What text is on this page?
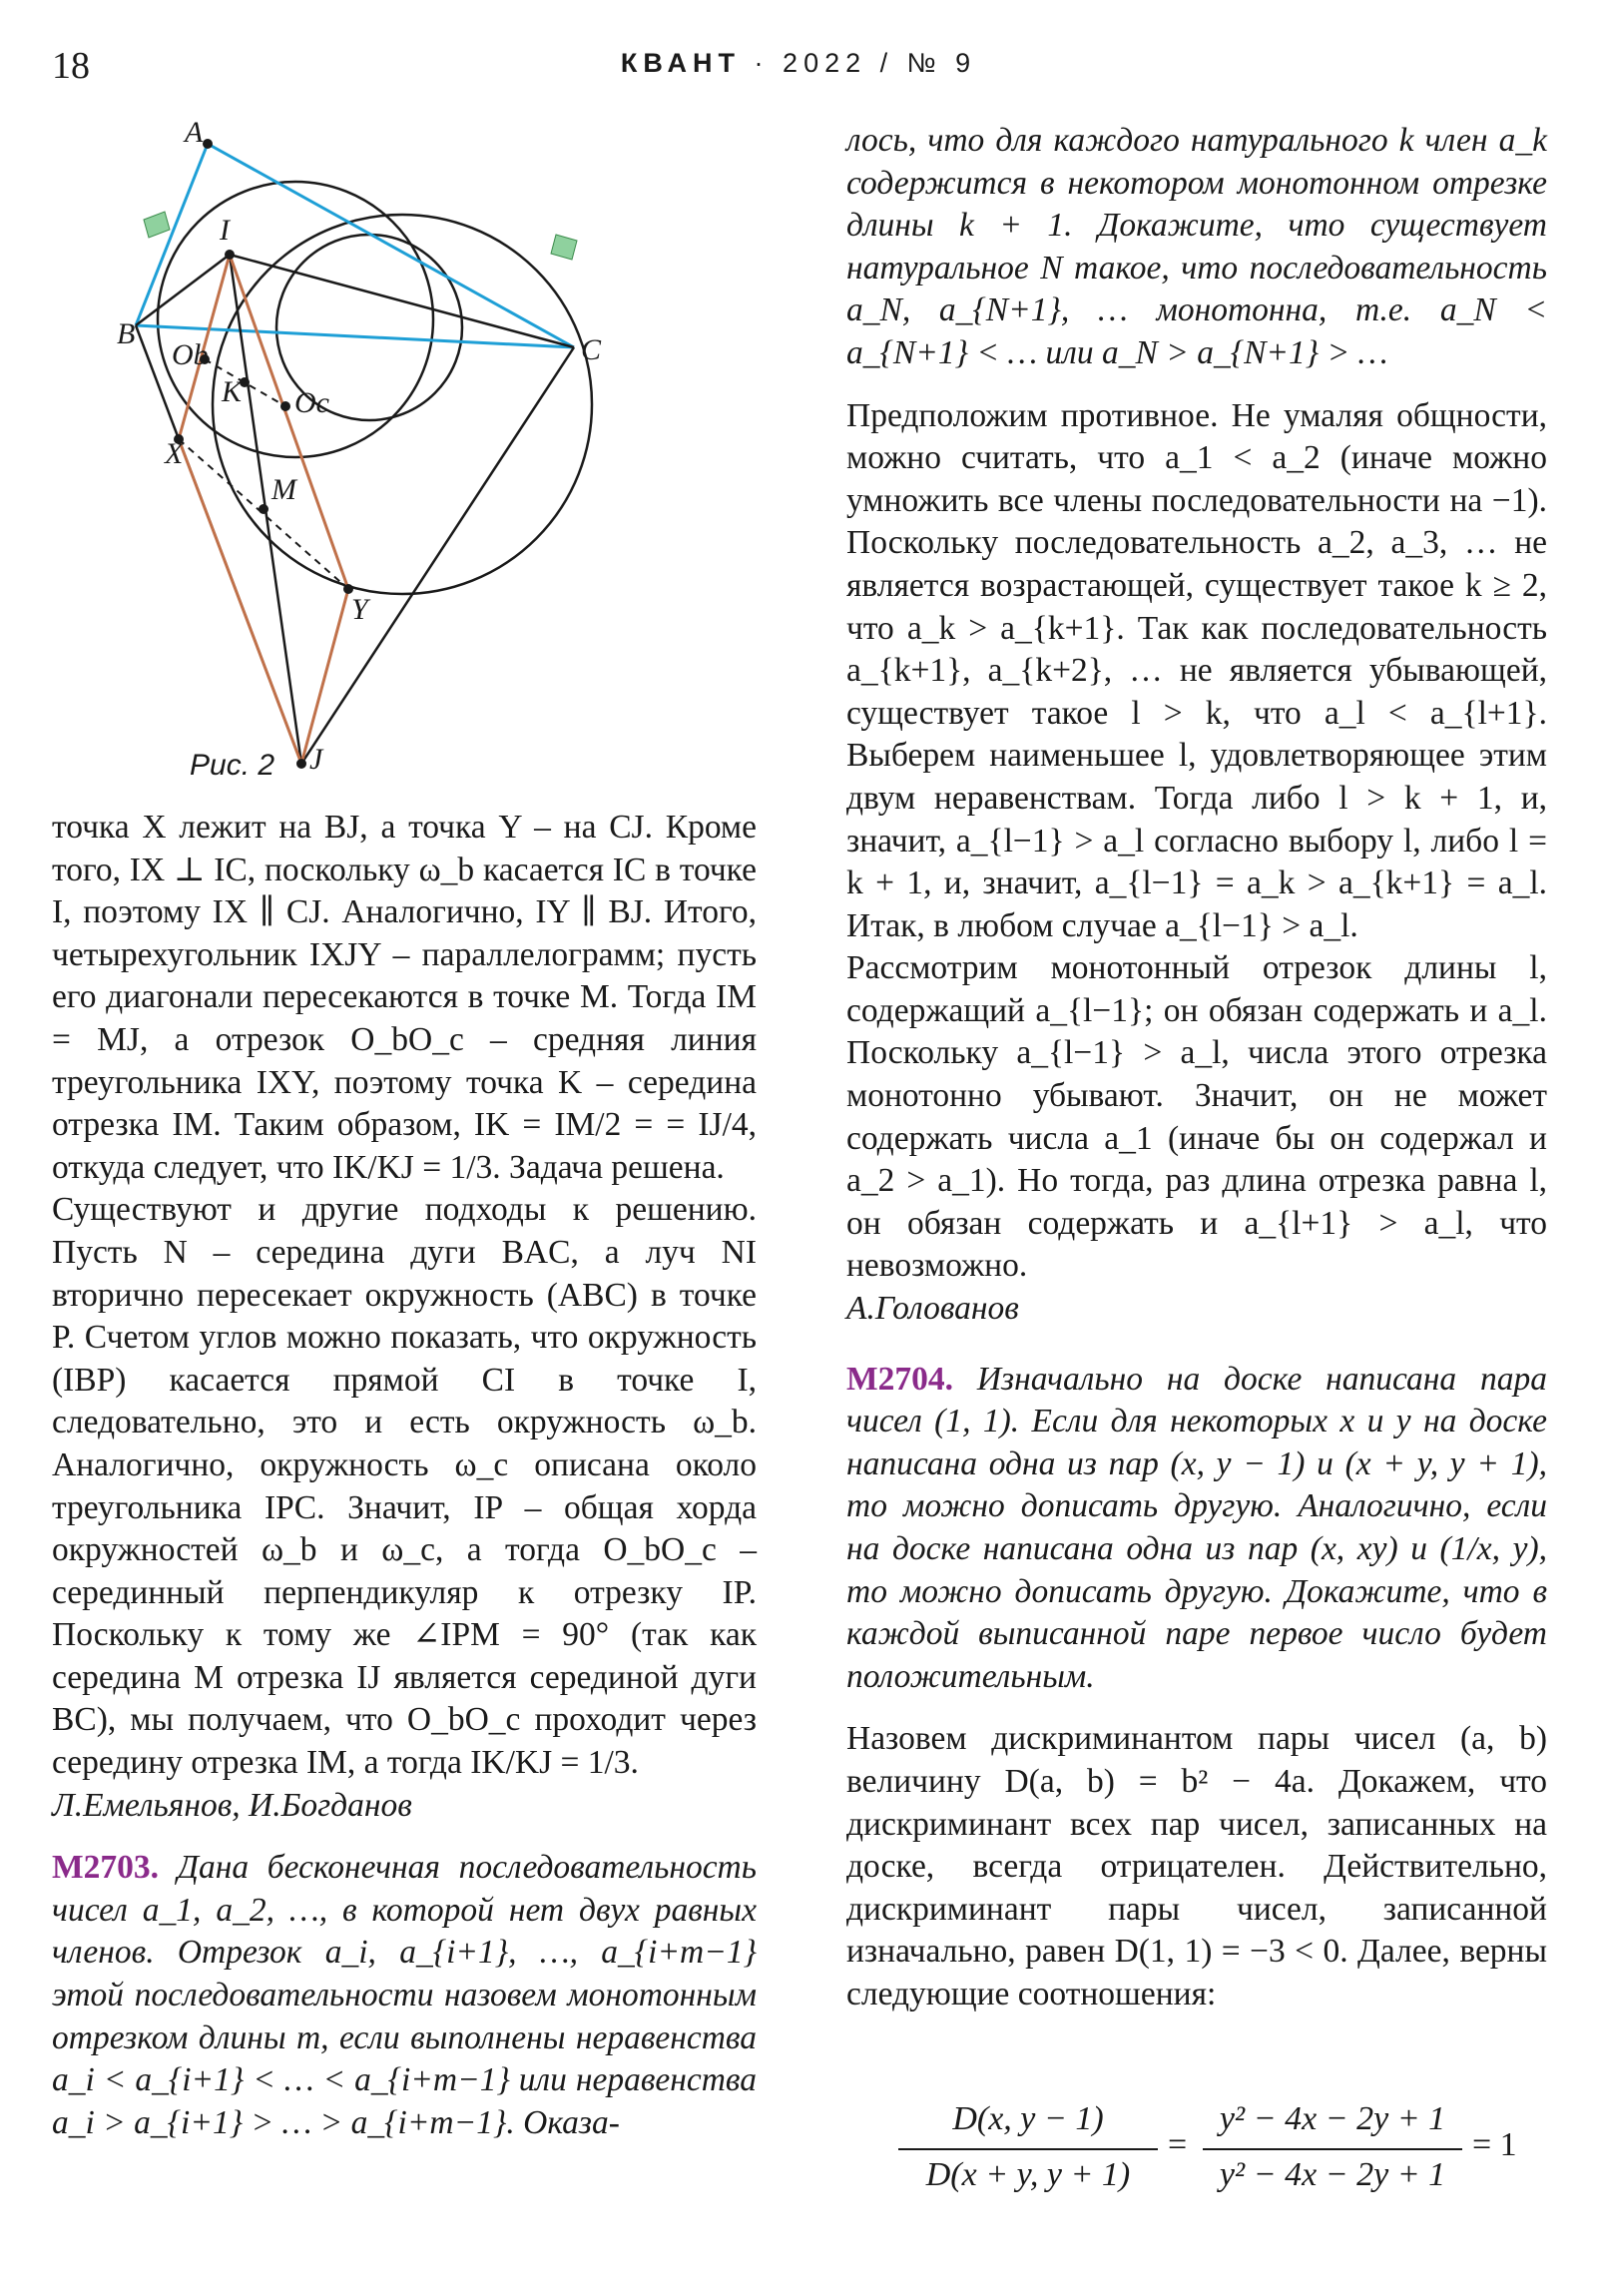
18	КВАНТ · 2022 / № 9
A
I
B	C
Ob
K Oc
X
M
Y
J
Рис. 2

точка X лежит на BJ, а точка Y – на CJ. Кроме того, IX ⊥ IC, поскольку ω_b касается IC в точке I, поэтому IX ∥ CJ. Аналогично, IY ∥ BJ. Итого, четырехугольник IXJY – параллелограмм; пусть его диагонали пересекаются в точке M. Тогда IM = MJ, а отрезок O_bO_c – средняя линия треугольника IXY, поэтому точка K – середина отрезка IM. Таким образом, IK = IM/2 = = IJ/4, откуда следует, что IK/KJ = 1/3. Задача решена.

Существуют и другие подходы к решению. Пусть N – середина дуги BAC, а луч NI вторично пересекает окружность (ABC) в точке P. Счетом углов можно показать, что окружность (IBP) касается прямой CI в точке I, следовательно, это и есть окружность ω_b. Аналогично, окружность ω_c описана около треугольника IPC. Значит, IP – общая хорда окружностей ω_b и ω_c, а тогда O_bO_c – серединный перпендикуляр к отрезку IP. Поскольку к тому же ∠IPM = 90° (так как середина M отрезка IJ является серединой дуги BC), мы получаем, что O_bO_c проходит через середину отрезка IM, а тогда IK/KJ = 1/3.

Л.Емельянов, И.Богданов

M2703. Дана бесконечная последовательность чисел a_1, a_2, …, в которой нет двух равных членов. Отрезок a_i, a_{i+1}, …, a_{i+m−1} этой последовательности назовем монотонным отрезком длины m, если выполнены неравенства a_i < a_{i+1} < … < a_{i+m−1} или неравенства a_i > a_{i+1} > … > a_{i+m−1}. Оказа-

лось, что для каждого натурального k член a_k содержится в некотором монотонном отрезке длины k + 1. Докажите, что существует натуральное N такое, что последовательность a_N, a_{N+1}, … монотонна, т.е. a_N < a_{N+1} < … или a_N > a_{N+1} > …

Предположим противное. Не умаляя общности, можно считать, что a_1 < a_2 (иначе можно умножить все члены последовательности на −1). Поскольку последовательность a_2, a_3, … не является возрастающей, существует такое k ≥ 2, что a_k > a_{k+1}. Так как последовательность a_{k+1}, a_{k+2}, … не является убывающей, существует такое l > k, что a_l < a_{l+1}. Выберем наименьшее l, удовлетворяющее этим двум неравенствам. Тогда либо l > k + 1, и, значит, a_{l−1} > a_l согласно выбору l, либо l = k + 1, и, значит, a_{l−1} = a_k > a_{k+1} = a_l. Итак, в любом случае a_{l−1} > a_l.

Рассмотрим монотонный отрезок длины l, содержащий a_{l−1}; он обязан содержать и a_l. Поскольку a_{l−1} > a_l, числа этого отрезка монотонно убывают. Значит, он не может содержать числа a_1 (иначе бы он содержал и a_2 > a_1). Но тогда, раз длина отрезка равна l, он обязан содержать и a_{l+1} > a_l, что невозможно.

А.Голованов

M2704. Изначально на доске написана пара чисел (1, 1). Если для некоторых x и y на доске написана одна из пар (x, y − 1) и (x + y, y + 1), то можно дописать другую. Аналогично, если на доске написана одна из пар (x, xy) и (1/x, y), то можно дописать другую. Докажите, что в каждой выписанной паре первое число будет положительным.

Назовем дискриминантом пары чисел (a, b) величину D(a, b) = b² − 4a. Докажем, что дискриминант всех пар чисел, записанных на доске, всегда отрицателен. Действительно, дискриминант пары чисел, записанной изначально, равен D(1, 1) = −3 < 0. Далее, верны следующие соотношения:

D(x, y − 1)
D(x + y, y + 1)
=
y² − 4x − 2y + 1
y² − 4x − 2y + 1
= 1
